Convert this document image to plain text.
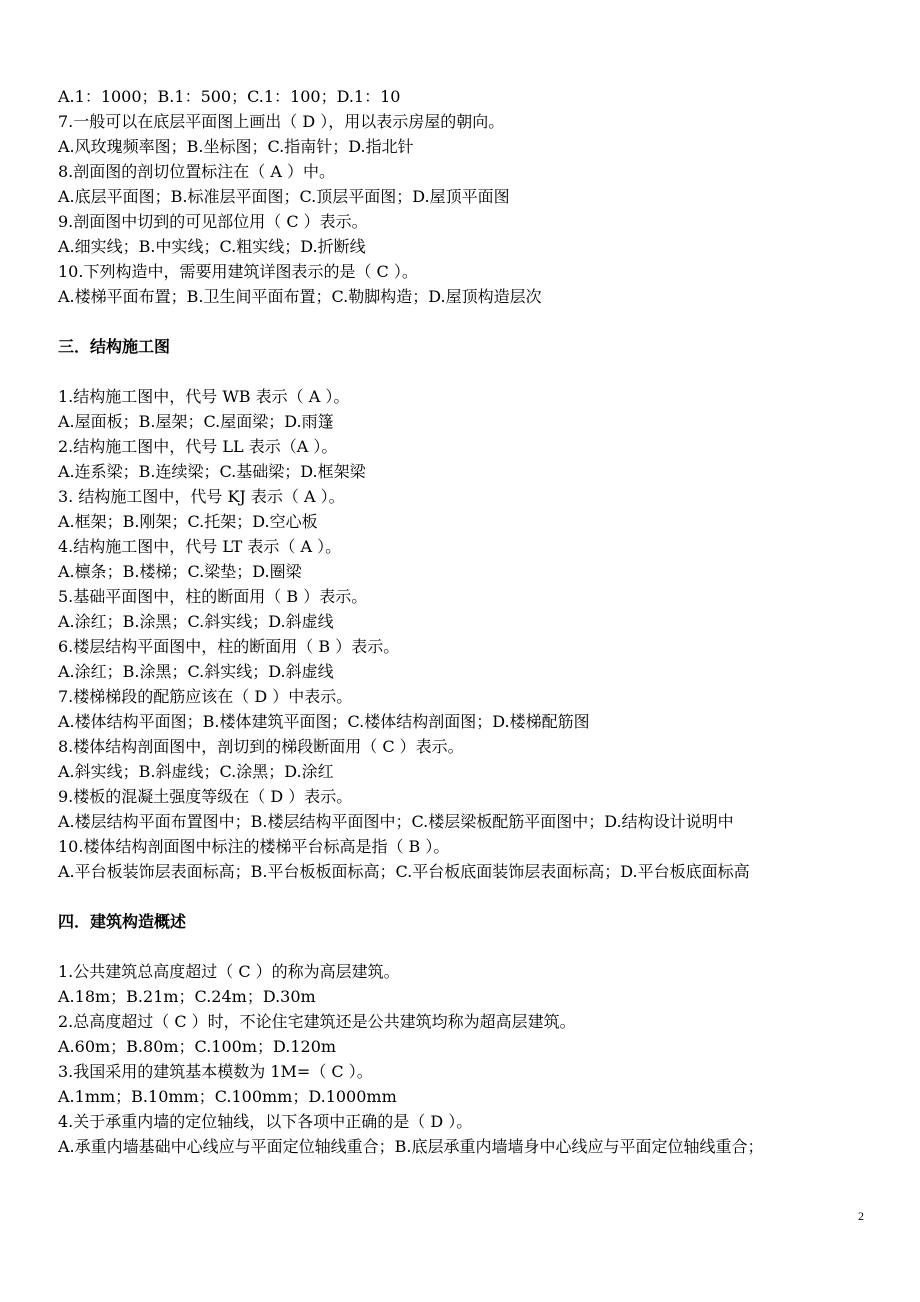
A.1：1000；B.1：500；C.1：100；D.1：10
7.一般可以在底层平面图上画出（ D ），用以表示房屋的朝向。
A.风玫瑰频率图；B.坐标图；C.指南针；D.指北针
8.剖面图的剖切位置标注在（ A ）中。
A.底层平面图；B.标准层平面图；C.顶层平面图；D.屋顶平面图
9.剖面图中切到的可见部位用（ C ）表示。
A.细实线；B.中实线；C.粗实线；D.折断线
10.下列构造中，需要用建筑详图表示的是（ C ）。
A.楼梯平面布置；B.卫生间平面布置；C.勒脚构造；D.屋顶构造层次
三．结构施工图
1.结构施工图中，代号 WB 表示（ A ）。
A.屋面板；B.屋架；C.屋面梁；D.雨篷
2.结构施工图中，代号 LL 表示（A ）。
A.连系梁；B.连续梁；C.基础梁；D.框架梁
3. 结构施工图中，代号 KJ 表示（ A ）。
A.框架；B.刚架；C.托架；D.空心板
4.结构施工图中，代号 LT 表示（ A ）。
A.檩条；B.楼梯；C.梁垫；D.圈梁
5.基础平面图中，柱的断面用（ B ）表示。
A.涂红；B.涂黑；C.斜实线；D.斜虚线
6.楼层结构平面图中，柱的断面用（ B ）表示。
A.涂红；B.涂黑；C.斜实线；D.斜虚线
7.楼梯梯段的配筋应该在（ D ）中表示。
A.楼体结构平面图；B.楼体建筑平面图；C.楼体结构剖面图；D.楼梯配筋图
8.楼体结构剖面图中，剖切到的梯段断面用（ C ）表示。
A.斜实线；B.斜虚线；C.涂黑；D.涂红
9.楼板的混凝土强度等级在（ D ）表示。
A.楼层结构平面布置图中；B.楼层结构平面图中；C.楼层梁板配筋平面图中；D.结构设计说明中
10.楼体结构剖面图中标注的楼梯平台标高是指（ B ）。
A.平台板装饰层表面标高；B.平台板板面标高；C.平台板底面装饰层表面标高；D.平台板底面标高
四．建筑构造概述
1.公共建筑总高度超过（ C ）的称为高层建筑。
A.18m；B.21m；C.24m；D.30m
2.总高度超过（ C ）时，不论住宅建筑还是公共建筑均称为超高层建筑。
A.60m；B.80m；C.100m；D.120m
3.我国采用的建筑基本模数为 1M=（ C ）。
A.1mm；B.10mm；C.100mm；D.1000mm
4.关于承重内墙的定位轴线，以下各项中正确的是（ D ）。
A.承重内墙基础中心线应与平面定位轴线重合；B.底层承重内墙墙身中心线应与平面定位轴线重合；
2
